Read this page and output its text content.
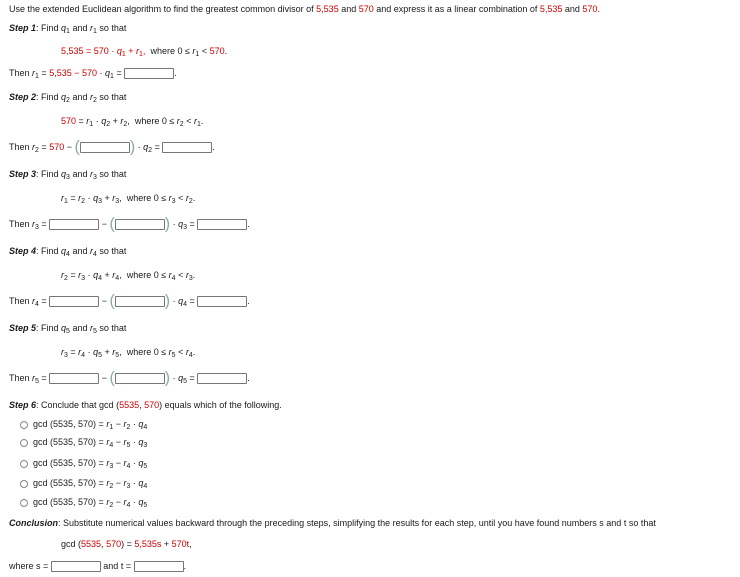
Use the extended Euclidean algorithm to find the greatest common divisor of 5,535 and 570 and express it as a linear combination of 5,535 and 570.
Step 1: Find $q_1$ and $r_1$ so that
$5,535 = 570 \cdot q_1 + r_1$, where $0 \le r_1 < 570$.
Then $r_1 = 5,535 - 570 \cdot q_1$ =	.
Step 2: Find $q_2$ and $r_2$ so that
$570 = r_1 \cdot q_2 + r_2$, where $0 \le r_2 < r_1$.
Then $r_2 = 570$ − (	) · $q_2$ =	.
Step 3: Find $q_3$ and $r_3$ so that
$r_1 = r_2 \cdot q_3 + r_3$, where $0 \le r_3 < r_2$.
Then $r_3$ =	− (	) · $q_3$ =	.
Step 4: Find $q_4$ and $r_4$ so that
$r_2 = r_3 \cdot q_4 + r_4$, where $0 \le r_4 < r_3$.
Then $r_4$ =	− (	) · $q_4$ =	.
Step 5: Find $q_5$ and $r_5$ so that
$r_3 = r_4 \cdot q_5 + r_5$, where $0 \le r_5 < r_4$.
Then $r_5$ =	− (	) · $q_5$ =	.
Step 6: Conclude that gcd (5535, 570) equals which of the following.
gcd (5535, $570) = r_1 - r_2 \cdot q_4$
gcd (5535, $570) = r_4 - r_5 \cdot q_3$
gcd (5535, $570) = r_3 - r_4 \cdot q_5$
gcd (5535, $570) = r_2 - r_3 \cdot q_4$
gcd (5535, $570) = r_2 - r_4 \cdot q_5$
Conclusion: Substitute numerical values backward through the preceding steps, simplifying the results for each step, until you have found numbers s and t so that
gcd (5535, 570) = 5,535s + 570t,
where s =	and t =	.
